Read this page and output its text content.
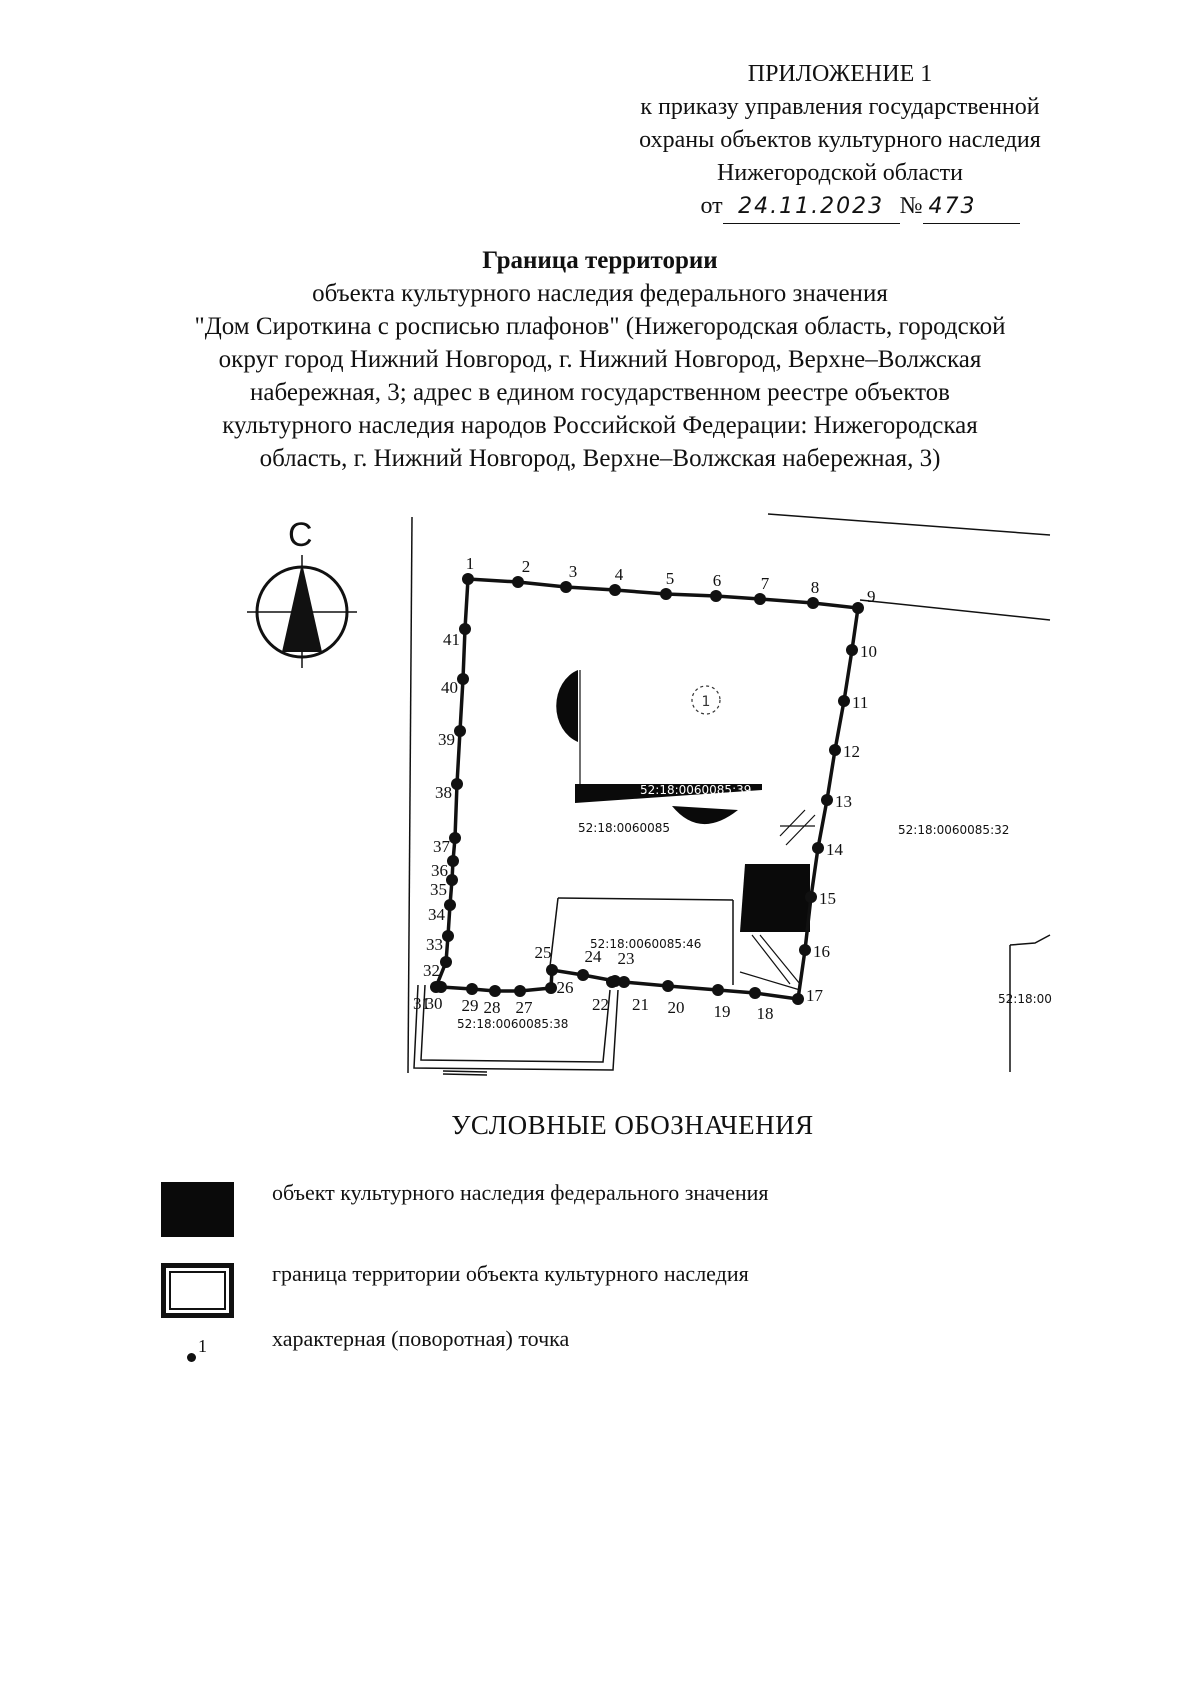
ПРИЛОЖЕНИЕ 1
к приказу управления государственной
охраны объектов культурного наследия
Нижегородской области
от 24.11.2023 № 473
Граница территории
объекта культурного наследия федерального значения
"Дом Сироткина с росписью плафонов" (Нижегородская область, городской
округ город Нижний Новгород, г. Нижний Новгород, Верхне–Волжская
набережная, 3; адрес в едином государственном реестре объектов
культурного наследия народов Российской Федерации: Нижегородская
область, г. Нижний Новгород, Верхне–Волжская набережная, 3)
С
1
1	2 3 4	5 6 7 8	9
10
11
12
13
14
15
16
17
18
19
20
21
22
23
24
25
26
27
28
29
30
31
32
33
34
35
36
37
38
39
40
41
52:18:0060085:39
52:18:0060085	52:18:0060085:32
52:18:0060085:46
52:18:0060085:38
52:18:00
УСЛОВНЫЕ ОБОЗНАЧЕНИЯ
объект культурного наследия федерального значения
граница территории объекта культурного наследия
1	характерная (поворотная) точка
